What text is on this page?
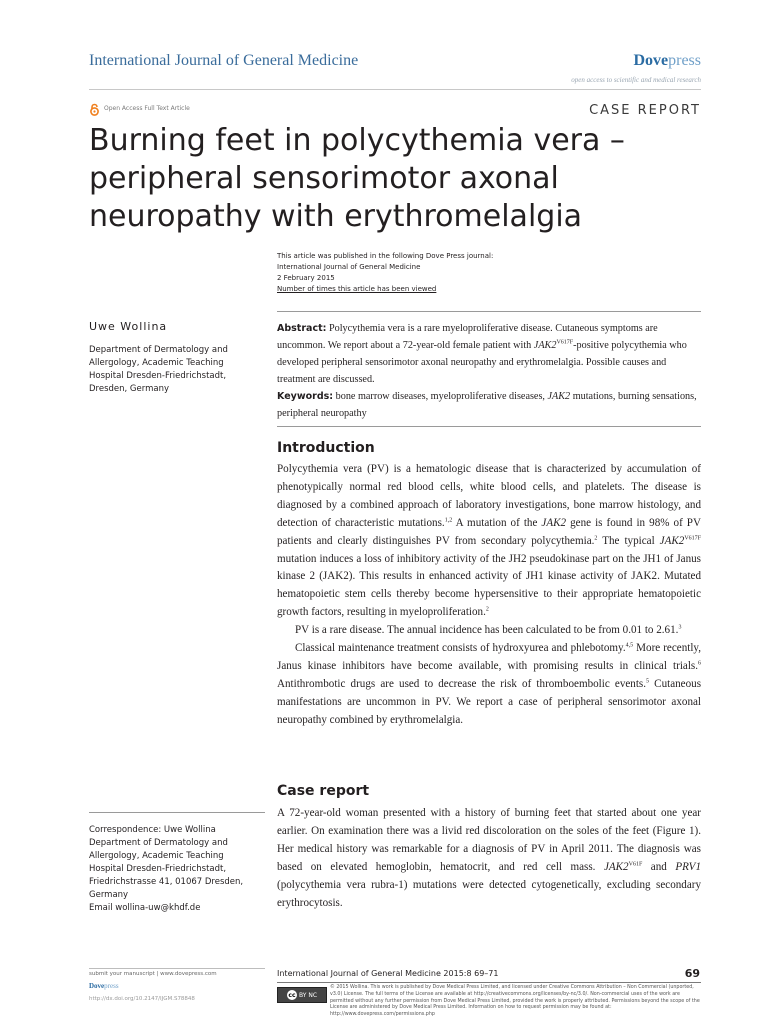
International Journal of General Medicine	Dovepress
open access to scientific and medical research
Open Access Full Text Article	CASE REPORT
Burning feet in polycythemia vera – peripheral sensorimotor axonal neuropathy with erythromelalgia
This article was published in the following Dove Press journal:
International Journal of General Medicine
2 February 2015
Number of times this article has been viewed
Uwe Wollina
Department of Dermatology and Allergology, Academic Teaching Hospital Dresden-Friedrichstadt, Dresden, Germany
Correspondence: Uwe Wollina
Department of Dermatology and
Allergology, Academic Teaching
Hospital Dresden-Friedrichstadt,
Friedrichstrasse 41, 01067 Dresden,
Germany
Email wollina-uw@khdf.de
Abstract: Polycythemia vera is a rare myeloproliferative disease. Cutaneous symptoms are uncommon. We report about a 72-year-old female patient with $JAK2^{V617F}$-positive polycythemia who developed peripheral sensorimotor axonal neuropathy and erythromelalgia. Possible causes and treatment are discussed.
Keywords: bone marrow diseases, myeloproliferative diseases, JAK2 mutations, burning sensations, peripheral neuropathy
Introduction

Polycythemia vera (PV) is a hematologic disease that is characterized by accumulation of phenotypically normal red blood cells, white blood cells, and platelets. The disease is diagnosed by a combined approach of laboratory investigations, bone marrow histology, and detection of characteristic mutations.$^{1,2}$ A mutation of the JAK2 gene is found in 98% of PV patients and clearly distinguishes PV from secondary polycythemia.$^2$ The typical $JAK2^{V617F}$ mutation induces a loss of inhibitory activity of the JH2 pseudokinase part on the JH1 of Janus kinase 2 (JAK2). This results in enhanced activity of JH1 kinase activity of JAK2. Mutated hematopoietic stem cells thereby become hypersensitive to their appropriate hematopoietic growth factors, resulting in myeloproliferation.$^2$

PV is a rare disease. The annual incidence has been calculated to be from 0.01 to 2.61.$^3$

Classical maintenance treatment consists of hydroxyurea and phlebotomy.$^{4,5}$ More recently, Janus kinase inhibitors have become available, with promising results in clinical trials.$^6$ Antithrombotic drugs are used to decrease the risk of thromboembolic events.$^5$ Cutaneous manifestations are uncommon in PV. We report a case of peripheral sensorimotor axonal neuropathy combined by erythromelalgia.

Case report

A 72-year-old woman presented with a history of burning feet that started about one year earlier. On examination there was a livid red discoloration on the soles of the feet (Figure 1). Her medical history was remarkable for a diagnosis of PV in April 2011. The diagnosis was based on elevated hemoglobin, hematocrit, and red cell mass. $JAK2^{V61F}$ and PRV1 (polycythemia vera rubra-1) mutations were detected cytogenetically, excluding secondary erythrocytosis.

submit your manuscript | www.dovepress.com
Dovepress
http://dx.doi.org/10.2147/IJGM.S78848
International Journal of General Medicine 2015:8 69–71	69
cc BY NC
© 2015 Wollina. This work is published by Dove Medical Press Limited, and licensed under Creative Commons Attribution – Non Commercial (unported, v3.0) License. The full terms of the License are available at http://creativecommons.org/licenses/by-nc/3.0/. Non-commercial uses of the work are permitted without any further permission from Dove Medical Press Limited, provided the work is properly attributed. Permissions beyond the scope of the License are administered by Dove Medical Press Limited. Information on how to request permission may be found at: http://www.dovepress.com/permissions.php
